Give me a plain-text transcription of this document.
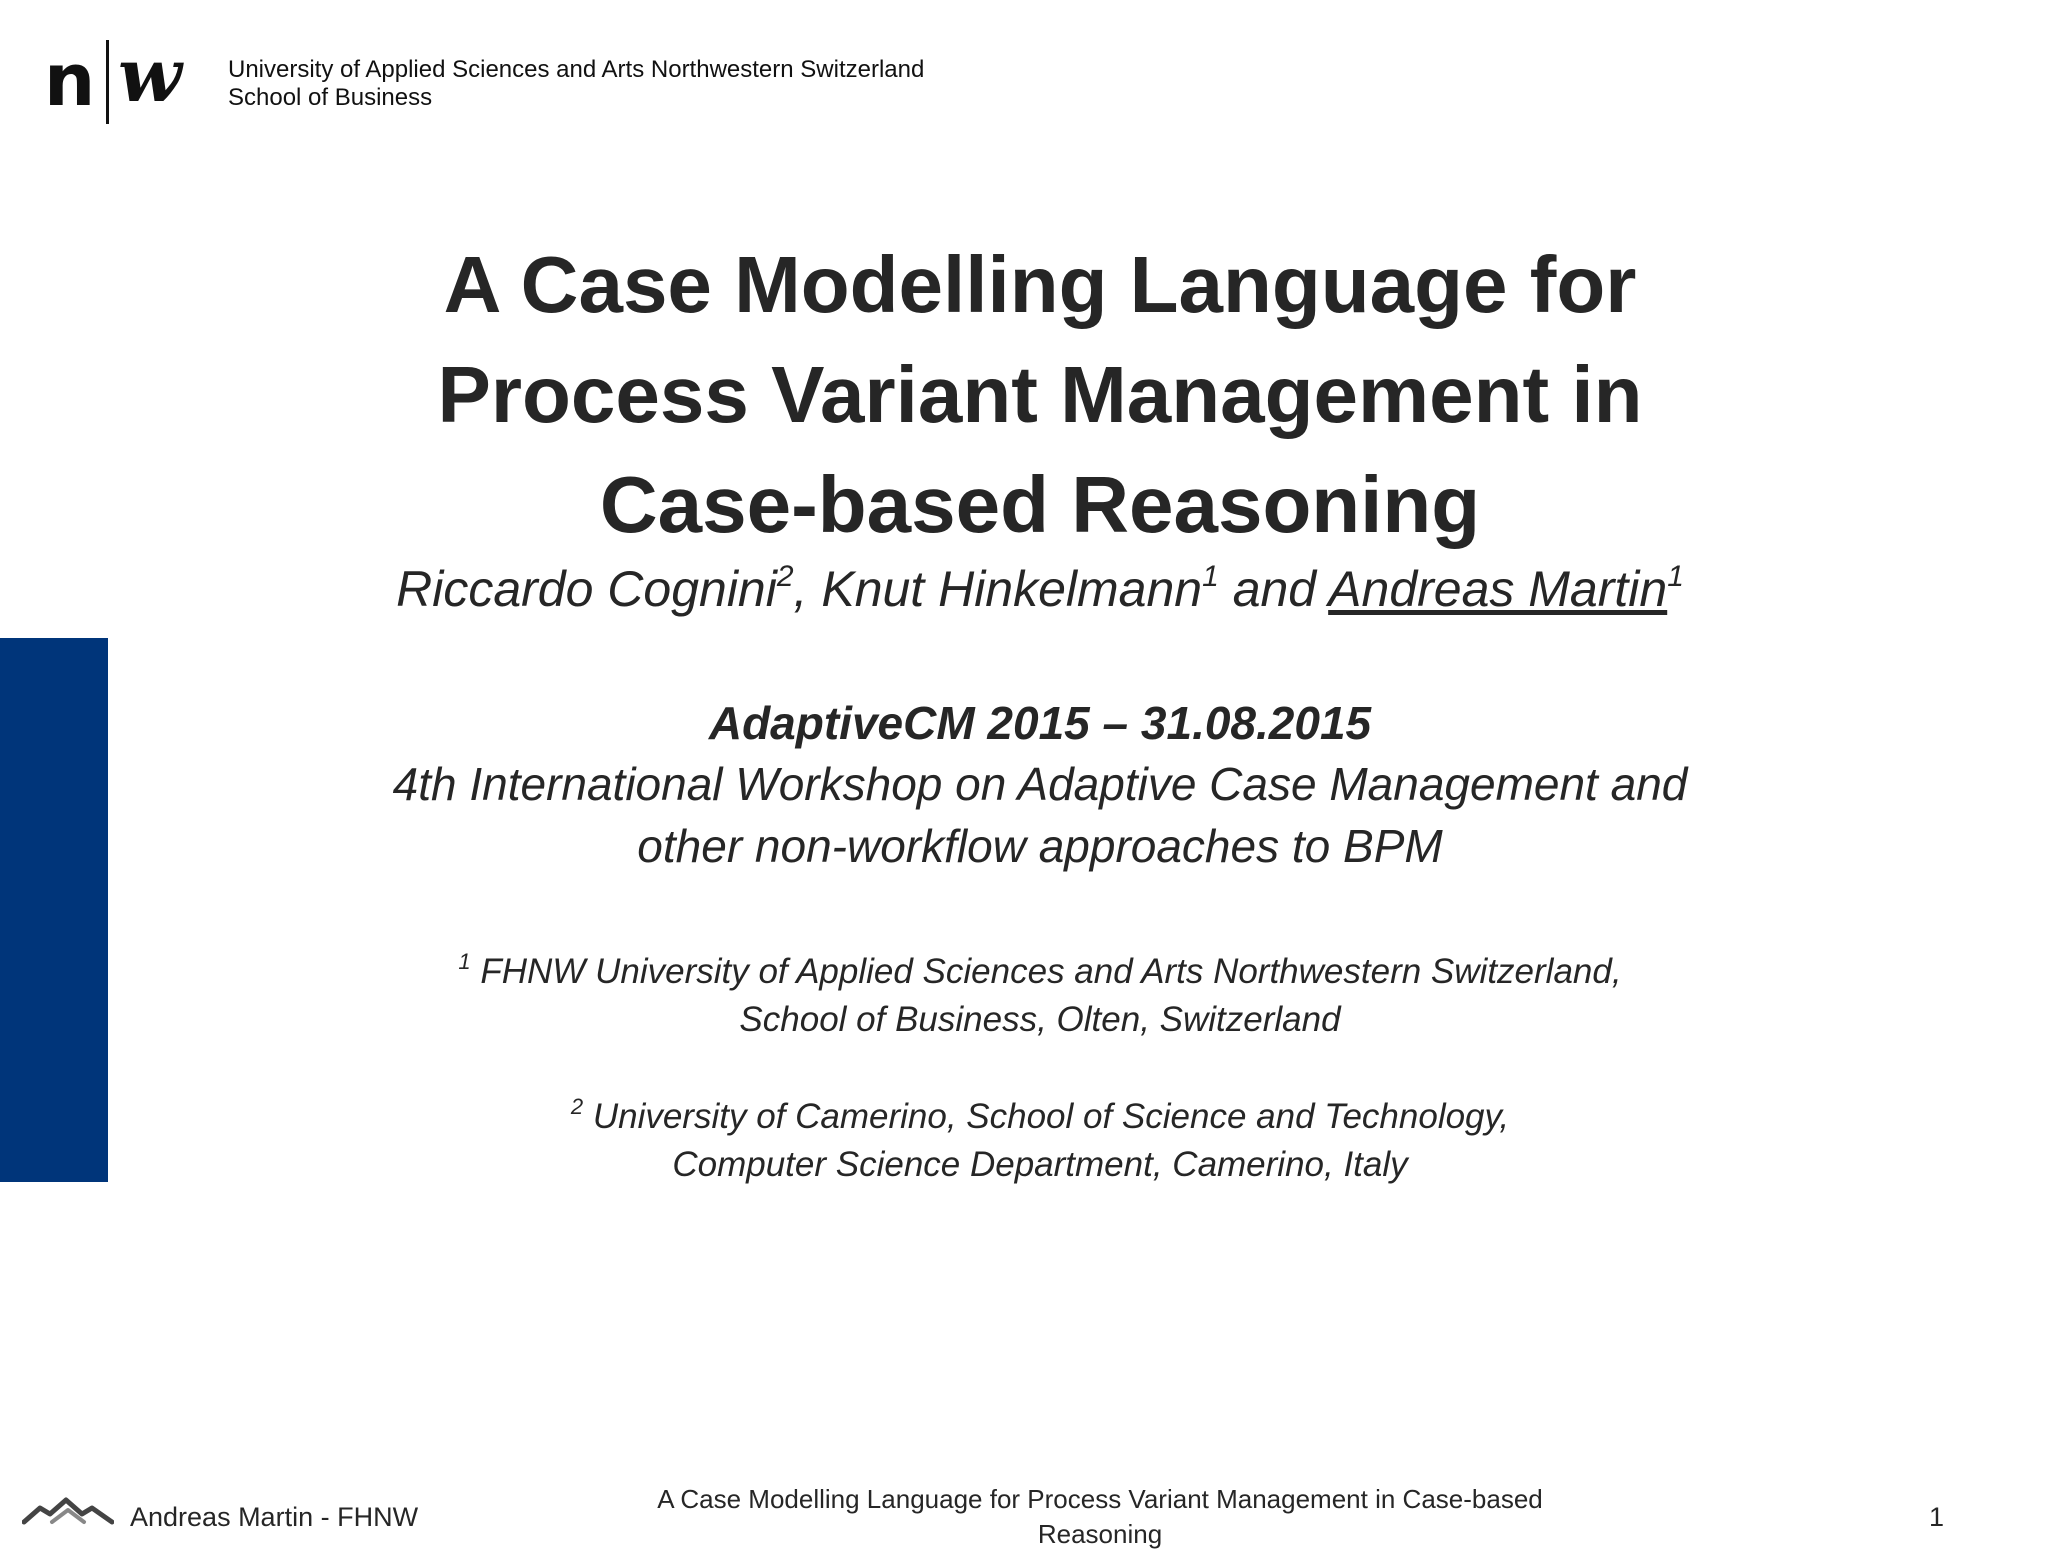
n w University of Applied Sciences and Arts Northwestern Switzerland
School of Business
A Case Modelling Language for
Process Variant Management in
Case-based Reasoning
Riccardo Cognini$^2$, Knut Hinkelmann$^1$ and Andreas Martin$^1$
AdaptiveCM 2015 – 31.08.2015
4th International Workshop on Adaptive Case Management and
other non-workflow approaches to BPM
$^1$ FHNW University of Applied Sciences and Arts Northwestern Switzerland,
School of Business, Olten, Switzerland
$^2$ University of Camerino, School of Science and Technology,
Computer Science Department, Camerino, Italy
Andreas Martin - FHNW
A Case Modelling Language for Process Variant Management in Case-based
Reasoning
1
